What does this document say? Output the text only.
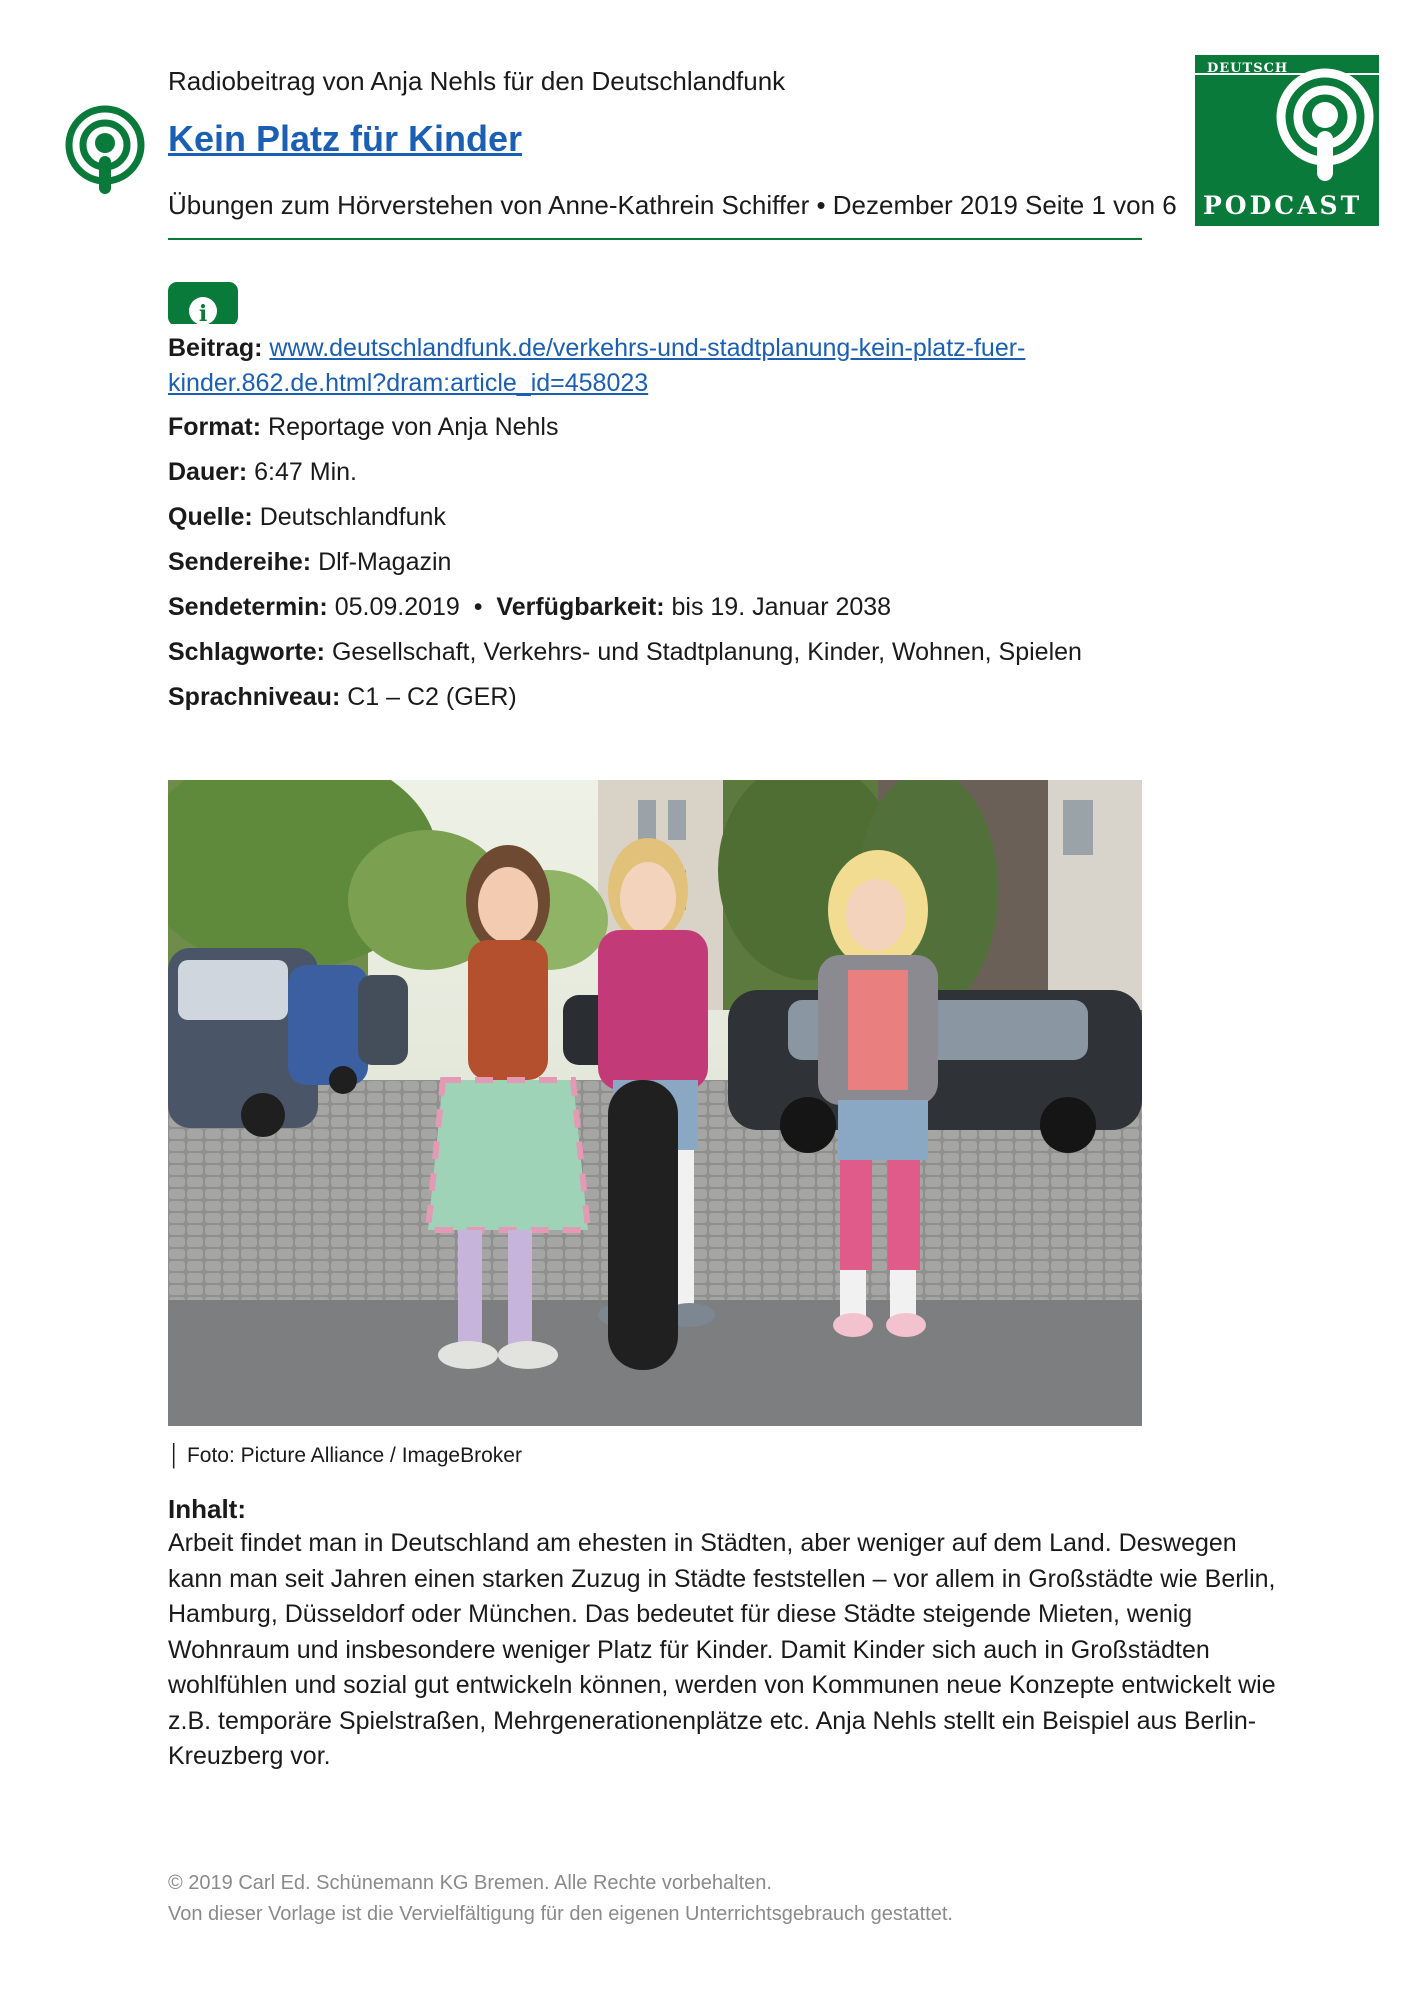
Radiobeitrag von Anja Nehls für den Deutschlandfunk
Kein Platz für Kinder
Übungen zum Hörverstehen von Anne-Kathrein Schiffer • Dezember 2019 Seite 1 von 6
DEUTSCH
PODCAST
i
Beitrag: www.deutschlandfunk.de/verkehrs-und-stadtplanung-kein-platz-fuer-
kinder.862.de.html?dram:article_id=458023
Format: Reportage von Anja Nehls
Dauer: 6:47 Min.
Quelle: Deutschlandfunk
Sendereihe: Dlf-Magazin
Sendetermin: 05.09.2019 • Verfügbarkeit: bis 19. Januar 2038
Schlagworte: Gesellschaft, Verkehrs- und Stadtplanung, Kinder, Wohnen, Spielen
Sprachniveau: C1 – C2 (GER)
│ Foto: Picture Alliance / ImageBroker
Inhalt:
Arbeit findet man in Deutschland am ehesten in Städten, aber weniger auf dem Land. Deswegen kann man seit Jahren einen starken Zuzug in Städte feststellen – vor allem in Großstädte wie Berlin, Hamburg, Düsseldorf oder München. Das bedeutet für diese Städte steigende Mieten, wenig Wohnraum und insbesondere weniger Platz für Kinder. Damit Kinder sich auch in Großstädten wohlfühlen und sozial gut entwickeln können, werden von Kommunen neue Konzepte entwickelt wie z.B. temporäre Spielstraßen, Mehrgenerationenplätze etc. Anja Nehls stellt ein Beispiel aus Berlin-Kreuzberg vor.
© 2019 Carl Ed. Schünemann KG Bremen. Alle Rechte vorbehalten.
Von dieser Vorlage ist die Vervielfältigung für den eigenen Unterrichtsgebrauch gestattet.
